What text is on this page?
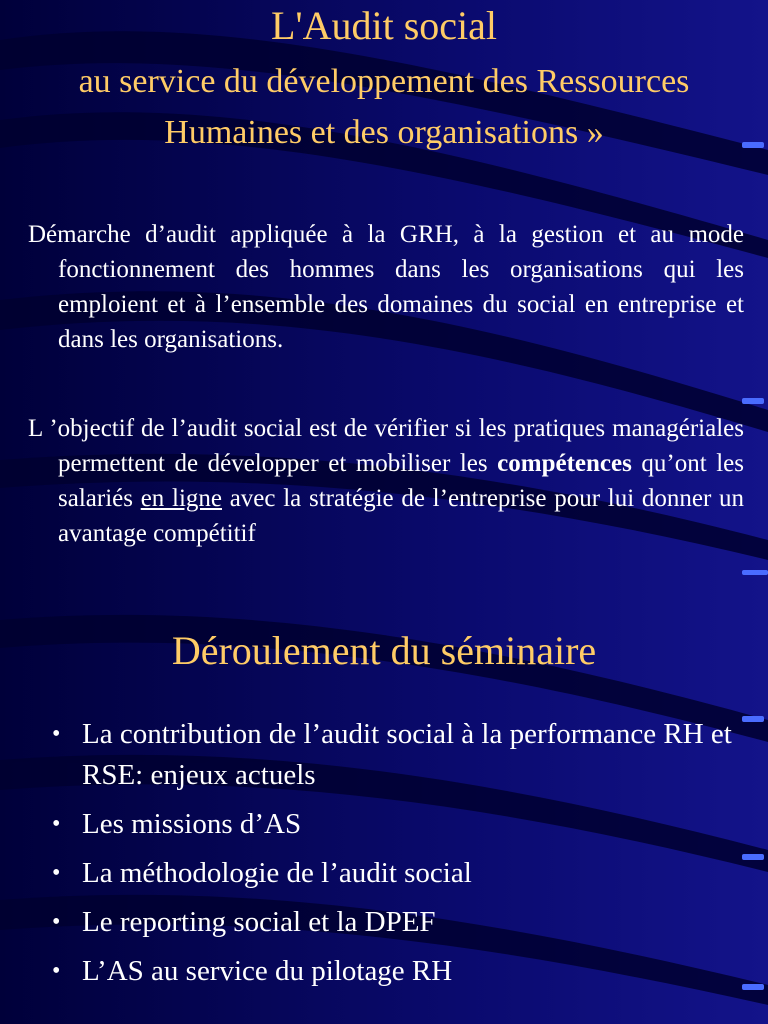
L'Audit social
au service du développement des Ressources Humaines et des organisations »

Démarche d’audit appliquée à la GRH, à la gestion et au mode fonctionnement des hommes dans les organisations qui les emploient et à l’ensemble des domaines du social en entreprise et dans les organisations.

L ’objectif de l’audit social est de vérifier si les pratiques managériales permettent de développer et mobiliser les compétences qu’ont les salariés en ligne avec la stratégie de l’entreprise pour lui donner un avantage compétitif

Déroulement du séminaire
• La contribution de l’audit social à la performance RH et RSE: enjeux actuels
• Les missions d’AS
• La méthodologie de l’audit social
• Le reporting social et la DPEF
• L’AS au service du pilotage RH
